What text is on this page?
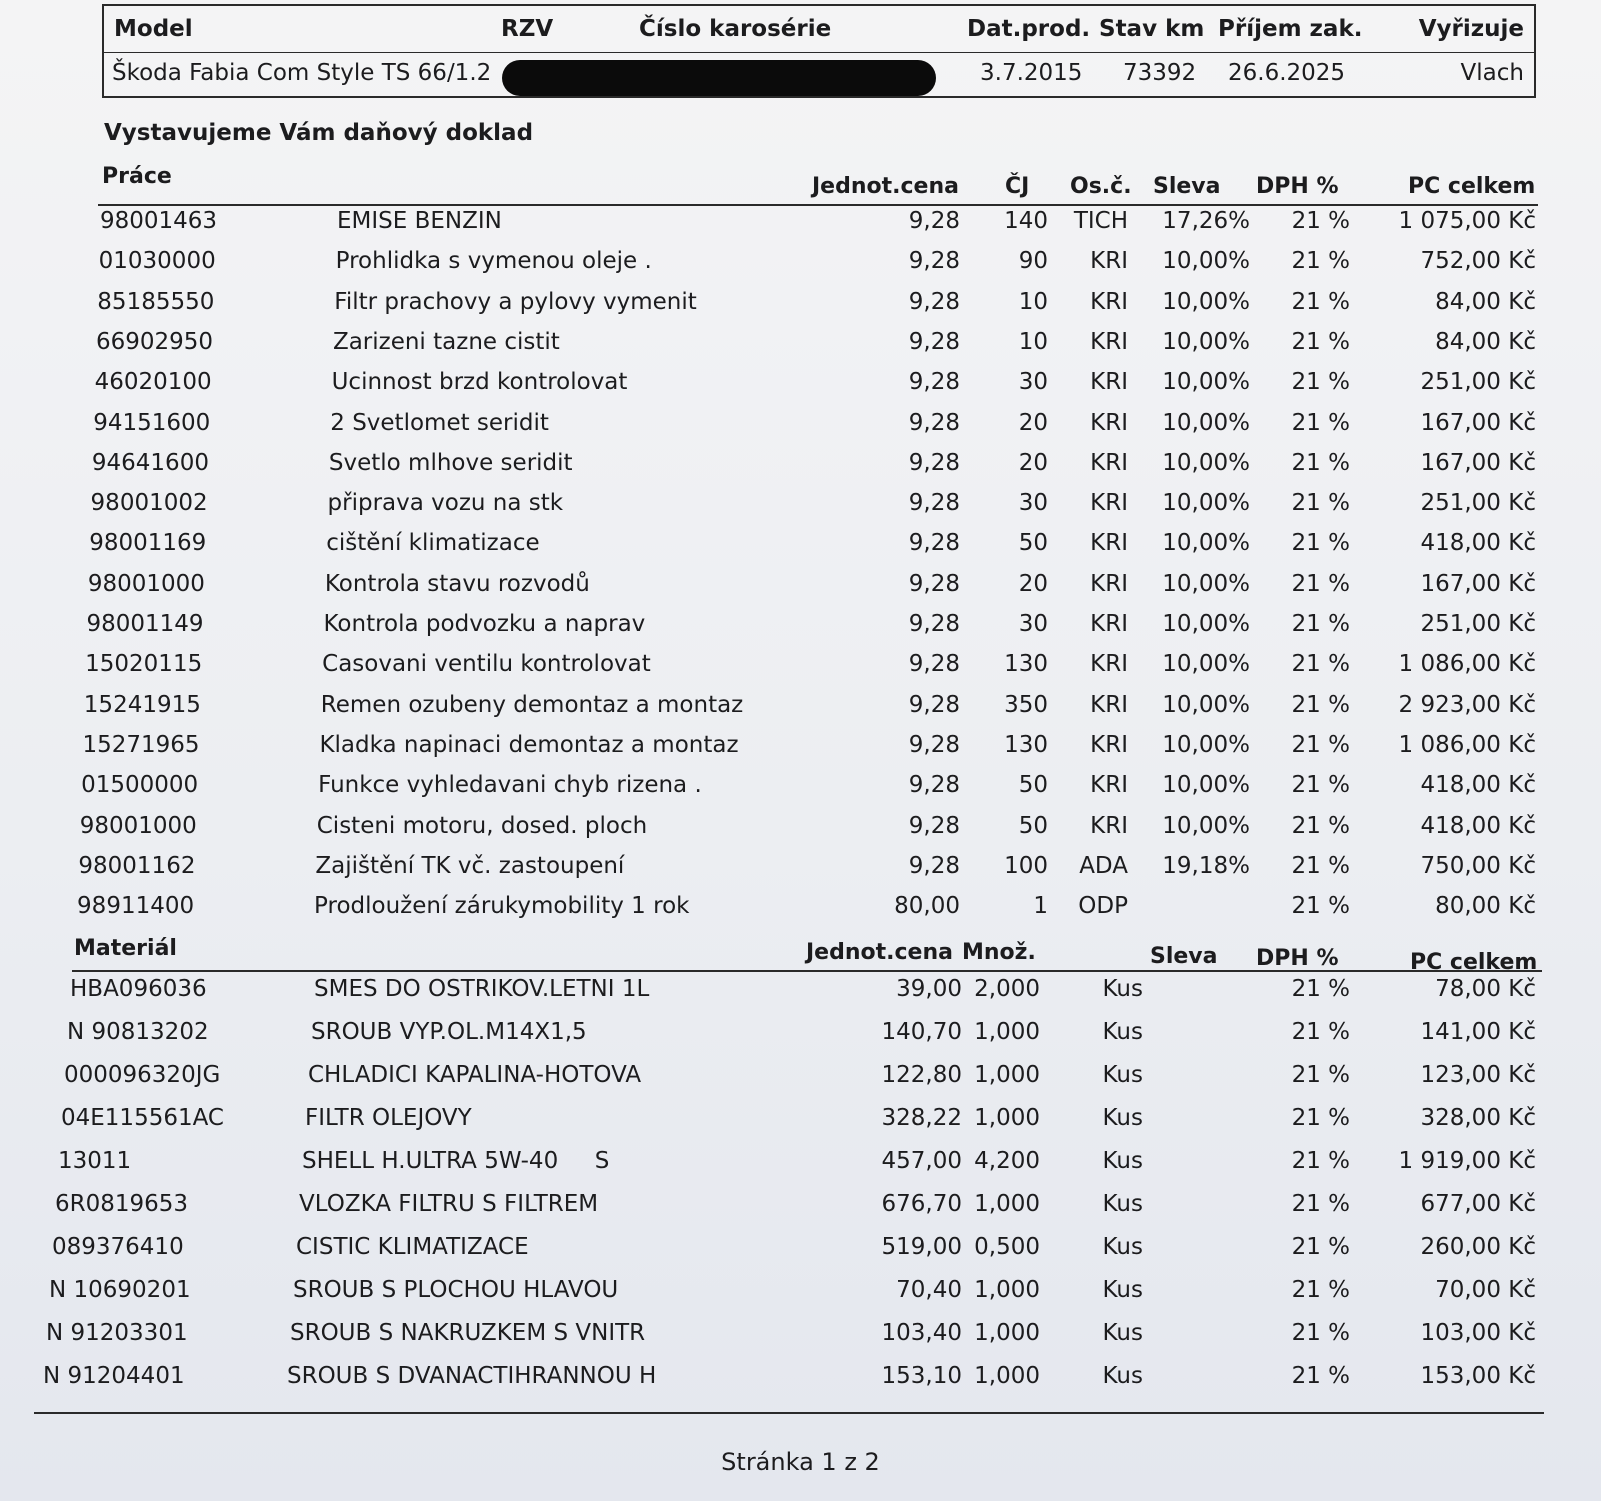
Model	RZV	Číslo karosérie	Dat.prod. Stav km Příjem zak. Vyřizuje
Škoda Fabia Com Style TS 66/1.2	3.7.2015 73392 26.6.2025	Vlach
Vystavujeme Vám daňový doklad
Práce	Jednot.cena ČJ Os.č. Sleva DPH %	PC celkem
98001463	EMISE BENZIN	9,28 140 TICH 17,26% 21 % 1 075,00 Kč
01030000	Prohlidka s vymenou oleje .	9,28	90 KRI 10,00% 21 %	752,00 Kč
85185550	Filtr prachovy a pylovy vymenit	9,28	10 KRI 10,00% 21 %	84,00 Kč
66902950	Zarizeni tazne cistit	9,28	10 KRI 10,00% 21 %	84,00 Kč
46020100	Ucinnost brzd kontrolovat	9,28	30 KRI 10,00% 21 %	251,00 Kč
94151600	2 Svetlomet seridit	9,28	20 KRI 10,00% 21 %	167,00 Kč
94641600	Svetlo mlhove seridit	9,28	20 KRI 10,00% 21 %	167,00 Kč
98001002	připrava vozu na stk	9,28	30 KRI 10,00% 21 %	251,00 Kč
98001169	cištění klimatizace	9,28	50 KRI 10,00% 21 %	418,00 Kč
98001000	Kontrola stavu rozvodů	9,28	20 KRI 10,00% 21 %	167,00 Kč
98001149	Kontrola podvozku a naprav	9,28	30 KRI 10,00% 21 %	251,00 Kč
15020115	Casovani ventilu kontrolovat	9,28 130 KRI 10,00% 21 % 1 086,00 Kč
15241915	Remen ozubeny demontaz a montaz	9,28 350 KRI 10,00% 21 % 2 923,00 Kč
15271965	Kladka napinaci demontaz a montaz	9,28 130 KRI 10,00% 21 % 1 086,00 Kč
01500000	Funkce vyhledavani chyb rizena .	9,28	50 KRI 10,00% 21 %	418,00 Kč
98001000	Cisteni motoru, dosed. ploch	9,28	50 KRI 10,00% 21 %	418,00 Kč
98001162	Zajištění TK vč. zastoupení	9,28 100 ADA 19,18% 21 %	750,00 Kč
98911400	Prodloužení zárukymobility 1 rok	80,00	1 ODP	21 %	80,00 Kč
Materiál	Jednot.cena Množ.	Sleva DPH %	PC celkem
HBA096036	SMES DO OSTRIKOV.LETNI 1L	39,00 2,000	Kus	21 %	78,00 Kč
N 90813202	SROUB VYP.OL.M14X1,5	140,70 1,000	Kus	21 %	141,00 Kč
000096320JG	CHLADICI KAPALINA-HOTOVA	122,80 1,000	Kus	21 %	123,00 Kč
04E115561AC	FILTR OLEJOVY	328,22 1,000	Kus	21 %	328,00 Kč
13011	SHELL H.ULTRA 5W-40     S	457,00 4,200	Kus	21 % 1 919,00 Kč
6R0819653	VLOZKA FILTRU S FILTREM	676,70 1,000	Kus	21 %	677,00 Kč
089376410	CISTIC KLIMATIZACE	519,00 0,500	Kus	21 %	260,00 Kč
N 10690201	SROUB S PLOCHOU HLAVOU	70,40 1,000	Kus	21 %	70,00 Kč
N 91203301	SROUB S NAKRUZKEM S VNITR	103,40 1,000	Kus	21 %	103,00 Kč
N 91204401	SROUB S DVANACTIHRANNOU H	153,10 1,000	Kus	21 %	153,00 Kč
Stránka 1 z 2
